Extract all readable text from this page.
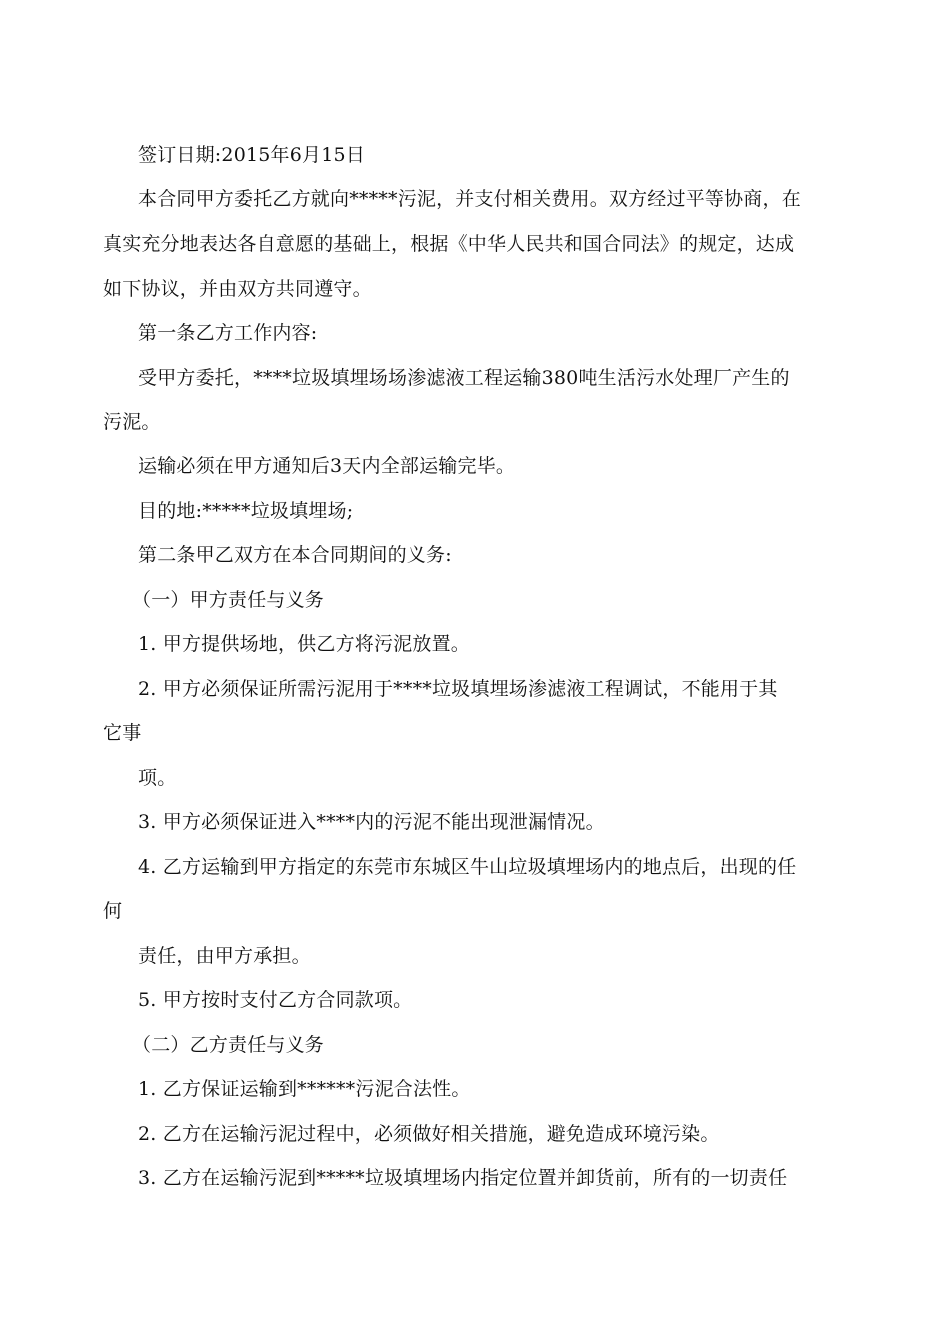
签订日期:2015年6月15日
本合同甲方委托乙方就向*****污泥，并支付相关费用。双方经过平等协商，在
真实充分地表达各自意愿的基础上，根据《中华人民共和国合同法》的规定，达成
如下协议，并由双方共同遵守。
第一条乙方工作内容:
受甲方委托，****垃圾填埋场场渗滤液工程运输380吨生活污水处理厂产生的
污泥。
运输必须在甲方通知后3天内全部运输完毕。
目的地:*****垃圾填埋场;
第二条甲乙双方在本合同期间的义务:
（一）甲方责任与义务
1. 甲方提供场地，供乙方将污泥放置。
2. 甲方必须保证所需污泥用于****垃圾填埋场渗滤液工程调试，不能用于其
它事
项。
3. 甲方必须保证进入****内的污泥不能出现泄漏情况。
4. 乙方运输到甲方指定的东莞市东城区牛山垃圾填埋场内的地点后，出现的任
何
责任，由甲方承担。
5. 甲方按时支付乙方合同款项。
（二）乙方责任与义务
1. 乙方保证运输到******污泥合法性。
2. 乙方在运输污泥过程中，必须做好相关措施，避免造成环境污染。
3. 乙方在运输污泥到*****垃圾填埋场内指定位置并卸货前，所有的一切责任
